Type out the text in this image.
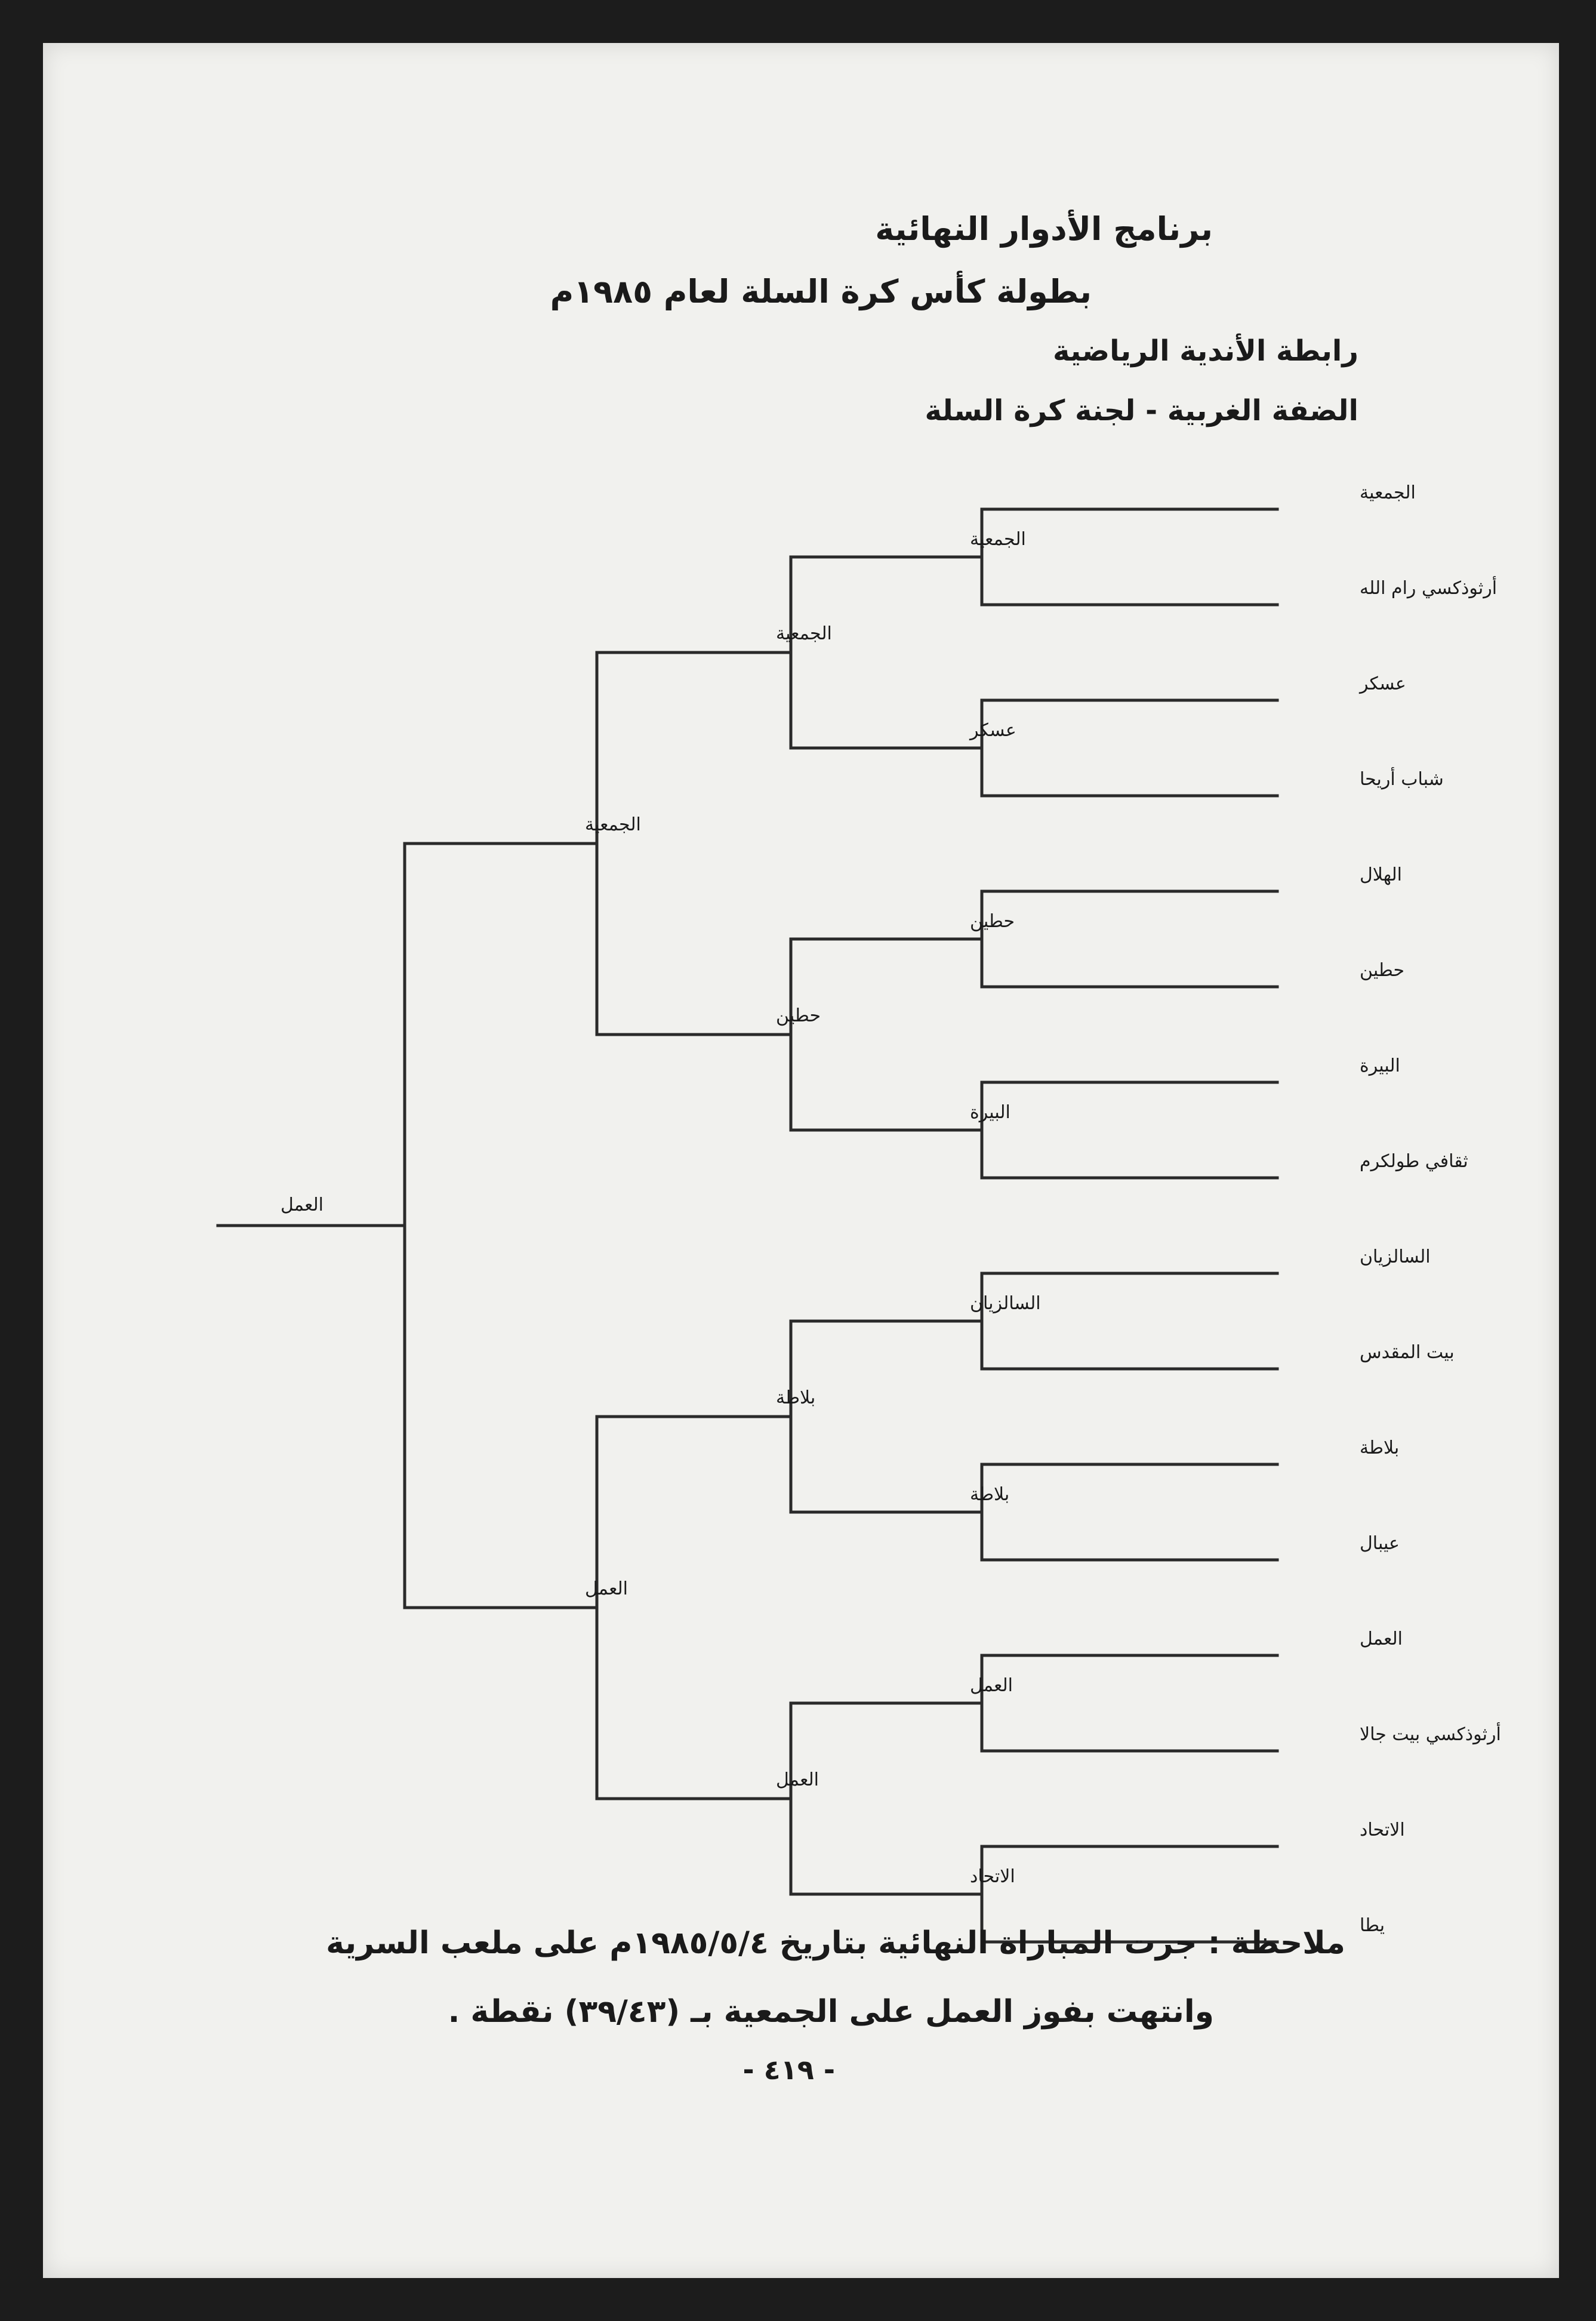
برنامج الأدوار النهائية
بطولة كأس كرة السلة لعام ١٩٨٥م
رابطة الأندية الرياضية
الضفة الغربية - لجنة كرة السلة
الجمعية
أرثوذكسي رام الله
عسكر
شباب أريحا
الهلال
حطين
البيرة
ثقافي طولكرم
السالزيان
بيت المقدس
بلاطة
عيبال
العمل
أرثوذكسي بيت جالا
الاتحاد
يطا
الجمعية
عسكر
حطين
البيرة
السالزيان
بلاطة
العمل
الاتحاد
الجمعية
حطين
بلاطة
العمل
الجمعية
العمل
العمل
ملاحظة : جرت المباراة النهائية بتاريخ ١٩٨٥/٥/٤م على ملعب السرية
وانتهت بفوز العمل على الجمعية بـ (٣٩/٤٣) نقطة .
- ٤١٩ -
